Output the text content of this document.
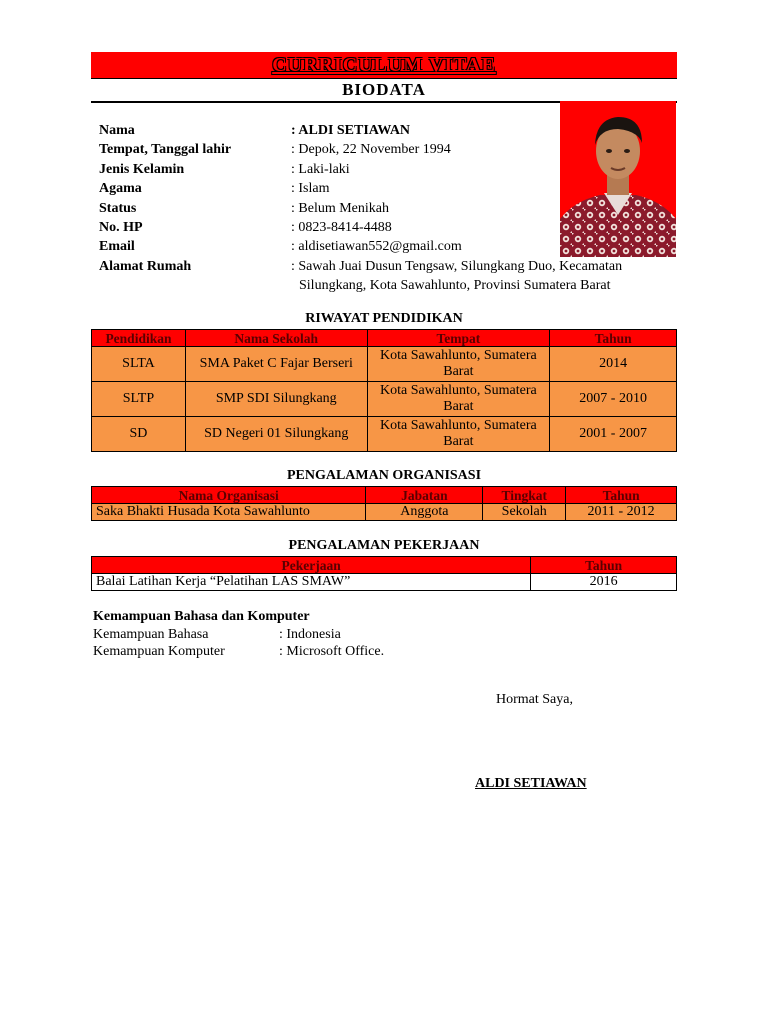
CURRICULUM VITAE
BIODATA
Nama	: ALDI SETIAWAN
Tempat, Tanggal lahir	: Depok, 22 November 1994
Jenis Kelamin	: Laki-laki
Agama	: Islam
Status	: Belum Menikah
No. HP	: 0823-8414-4488
Email	: aldisetiawan552@gmail.com
Alamat Rumah	: Sawah Juai Dusun Tengsaw, Silungkang Duo, Kecamatan
Silungkang, Kota Sawahlunto, Provinsi Sumatera Barat
RIWAYAT PENDIDIKAN
Pendidikan	Nama Sekolah	Tempat	Tahun
SLTA	SMA Paket C Fajar Berseri	Kota Sawahlunto, Sumatera Barat	2014
SLTP	SMP SDI Silungkang	Kota Sawahlunto, Sumatera Barat	2007 - 2010
SD	SD Negeri 01 Silungkang	Kota Sawahlunto, Sumatera Barat	2001 - 2007
PENGALAMAN ORGANISASI
Nama Organisasi	Jabatan	Tingkat	Tahun
Saka Bhakti Husada Kota Sawahlunto	Anggota	Sekolah	2011 - 2012
PENGALAMAN PEKERJAAN
Pekerjaan	Tahun
Balai Latihan Kerja “Pelatihan LAS SMAW”	2016
Kemampuan Bahasa dan Komputer
Kemampuan Bahasa	: Indonesia
Kemampuan Komputer	: Microsoft Office.
Hormat Saya,
ALDI SETIAWAN
